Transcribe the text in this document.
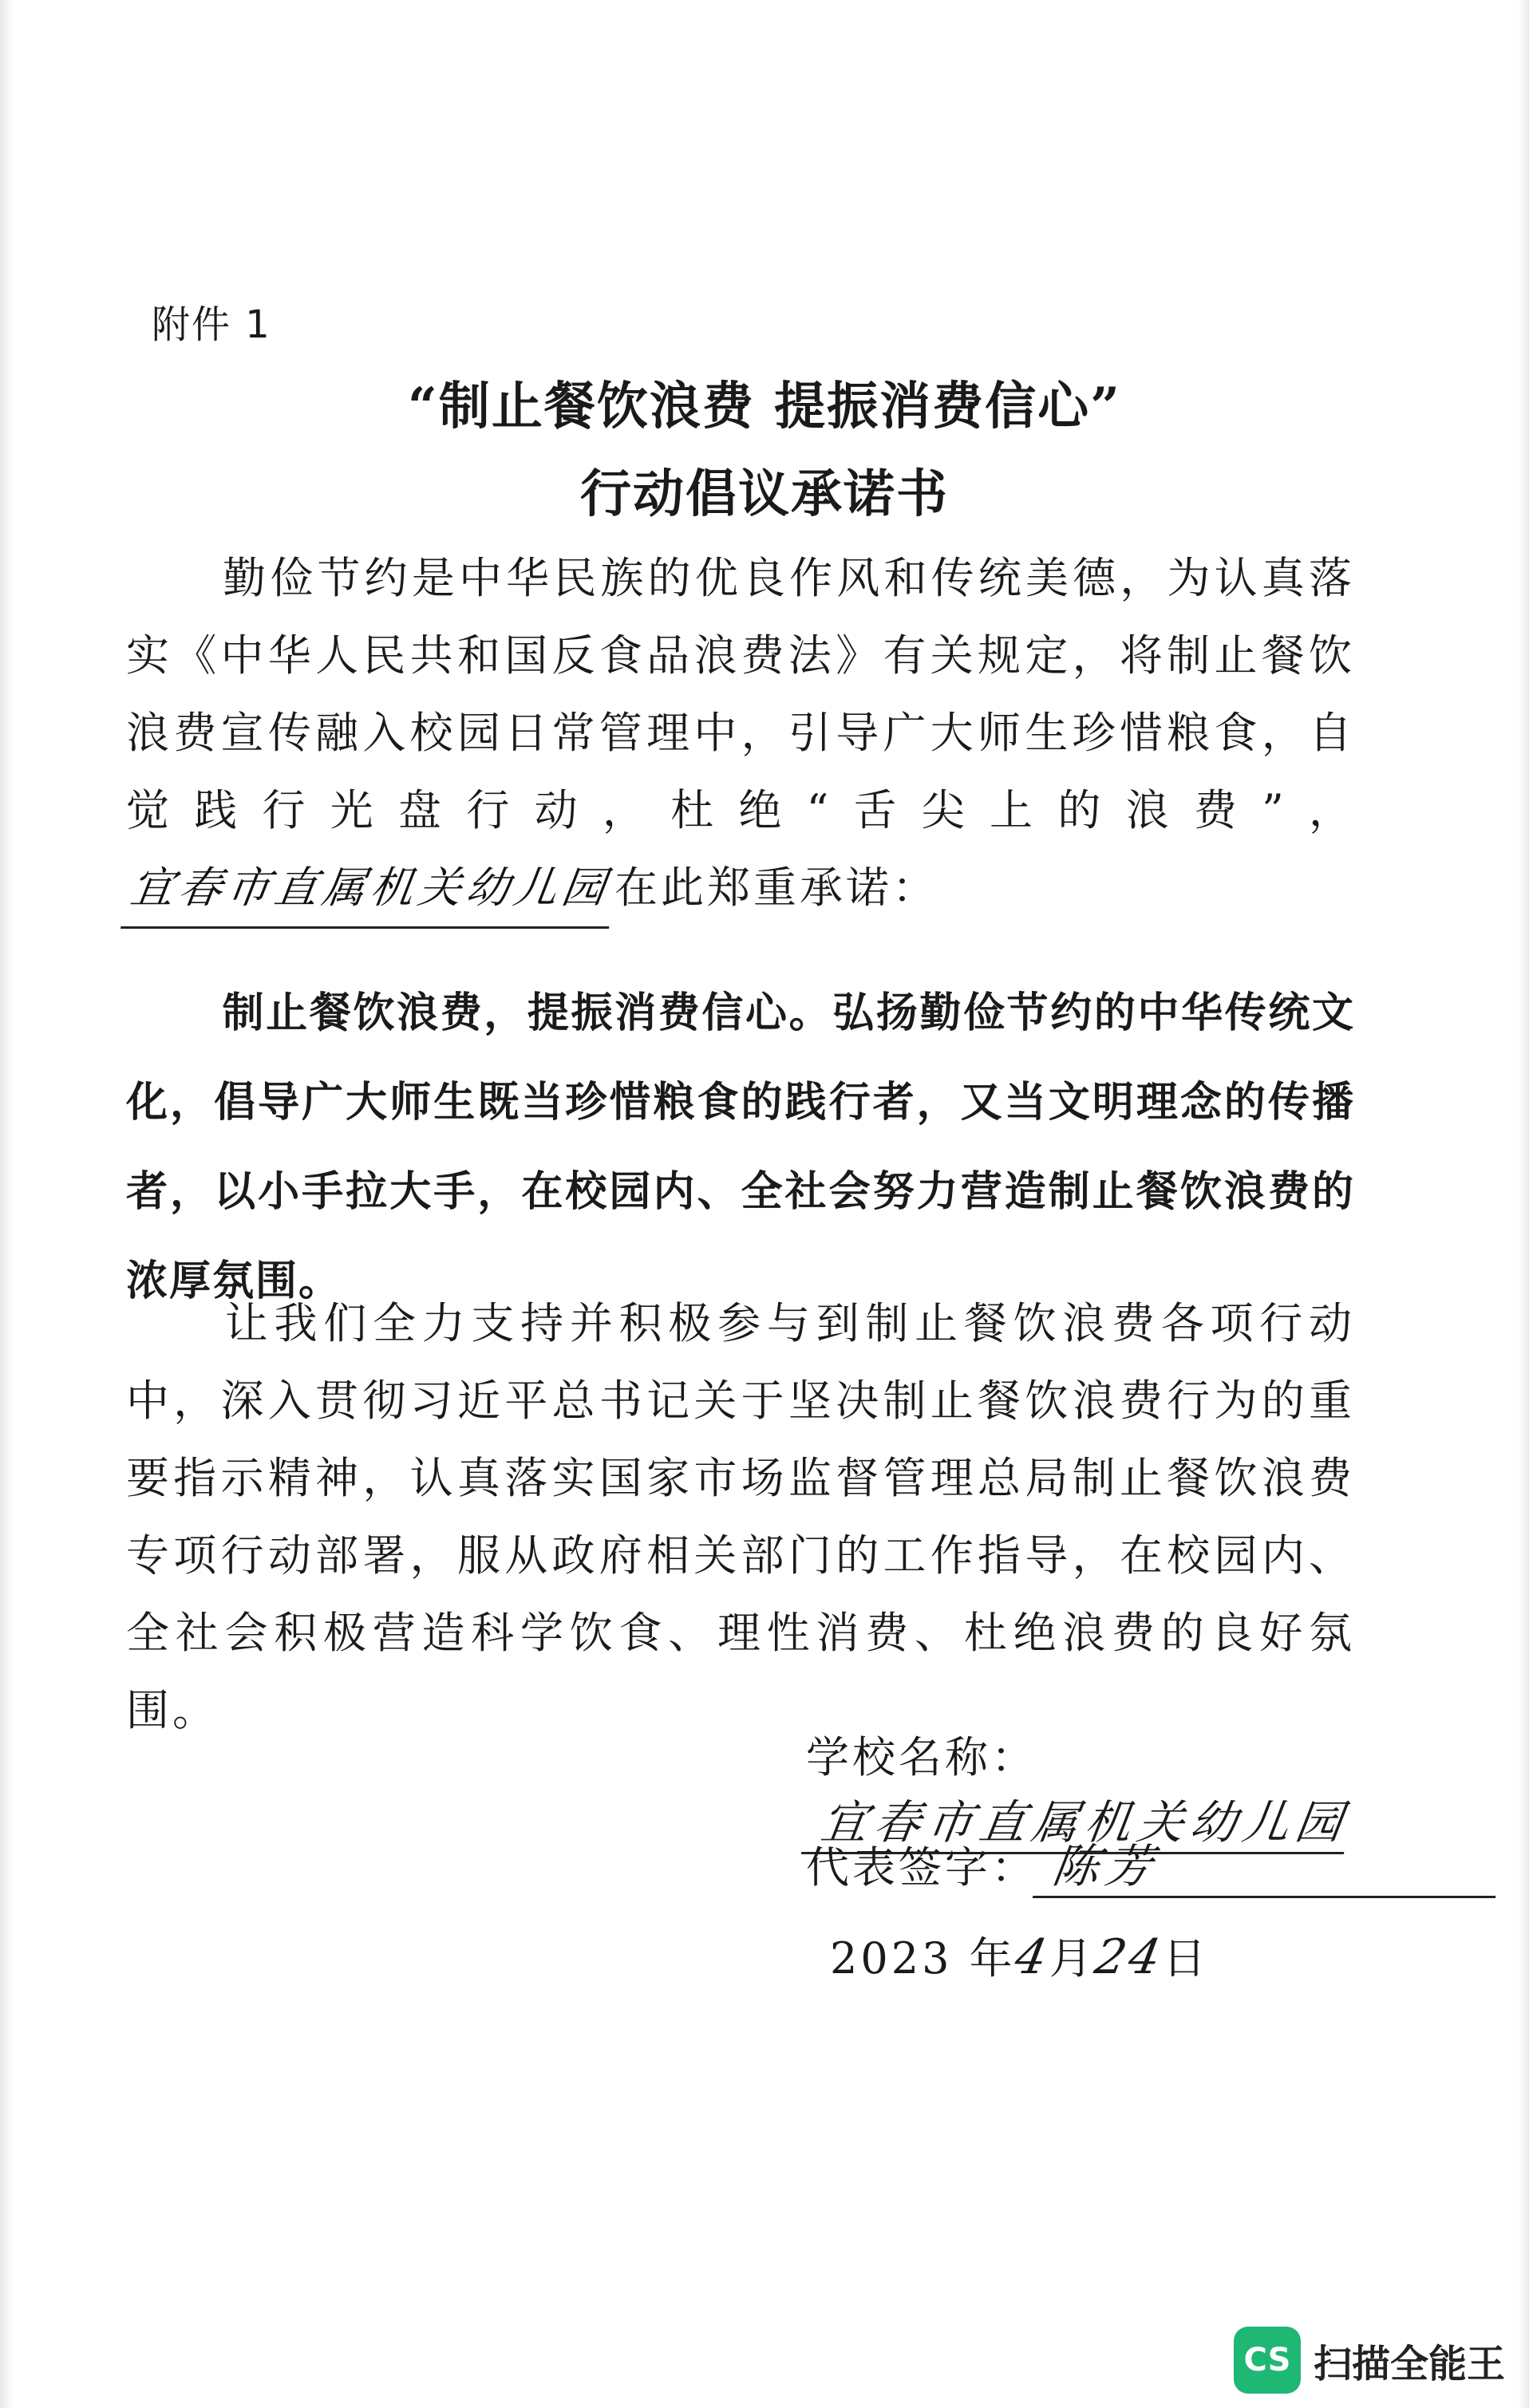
附件 1
“制止餐饮浪费 提振消费信心”
行动倡议承诺书
勤俭节约是中华民族的优良作风和传统美德，为认真落实《中华人民共和国反食品浪费法》有关规定，将制止餐饮浪费宣传融入校园日常管理中，引导广大师生珍惜粮食，自觉践行光盘行动，杜绝“舌尖上的浪费”，宜春市直属机关幼儿园在此郑重承诺：
制止餐饮浪费，提振消费信心。弘扬勤俭节约的中华传统文化，倡导广大师生既当珍惜粮食的践行者，又当文明理念的传播者，以小手拉大手，在校园内、全社会努力营造制止餐饮浪费的浓厚氛围。
让我们全力支持并积极参与到制止餐饮浪费各项行动中，深入贯彻习近平总书记关于坚决制止餐饮浪费行为的重要指示精神，认真落实国家市场监督管理总局制止餐饮浪费专项行动部署，服从政府相关部门的工作指导，在校园内、全社会积极营造科学饮食、理性消费、杜绝浪费的良好氛围。
学校名称：宜春市直属机关幼儿园
代表签字： 陈芳
2023 年4月24日
CS 扫描全能王
